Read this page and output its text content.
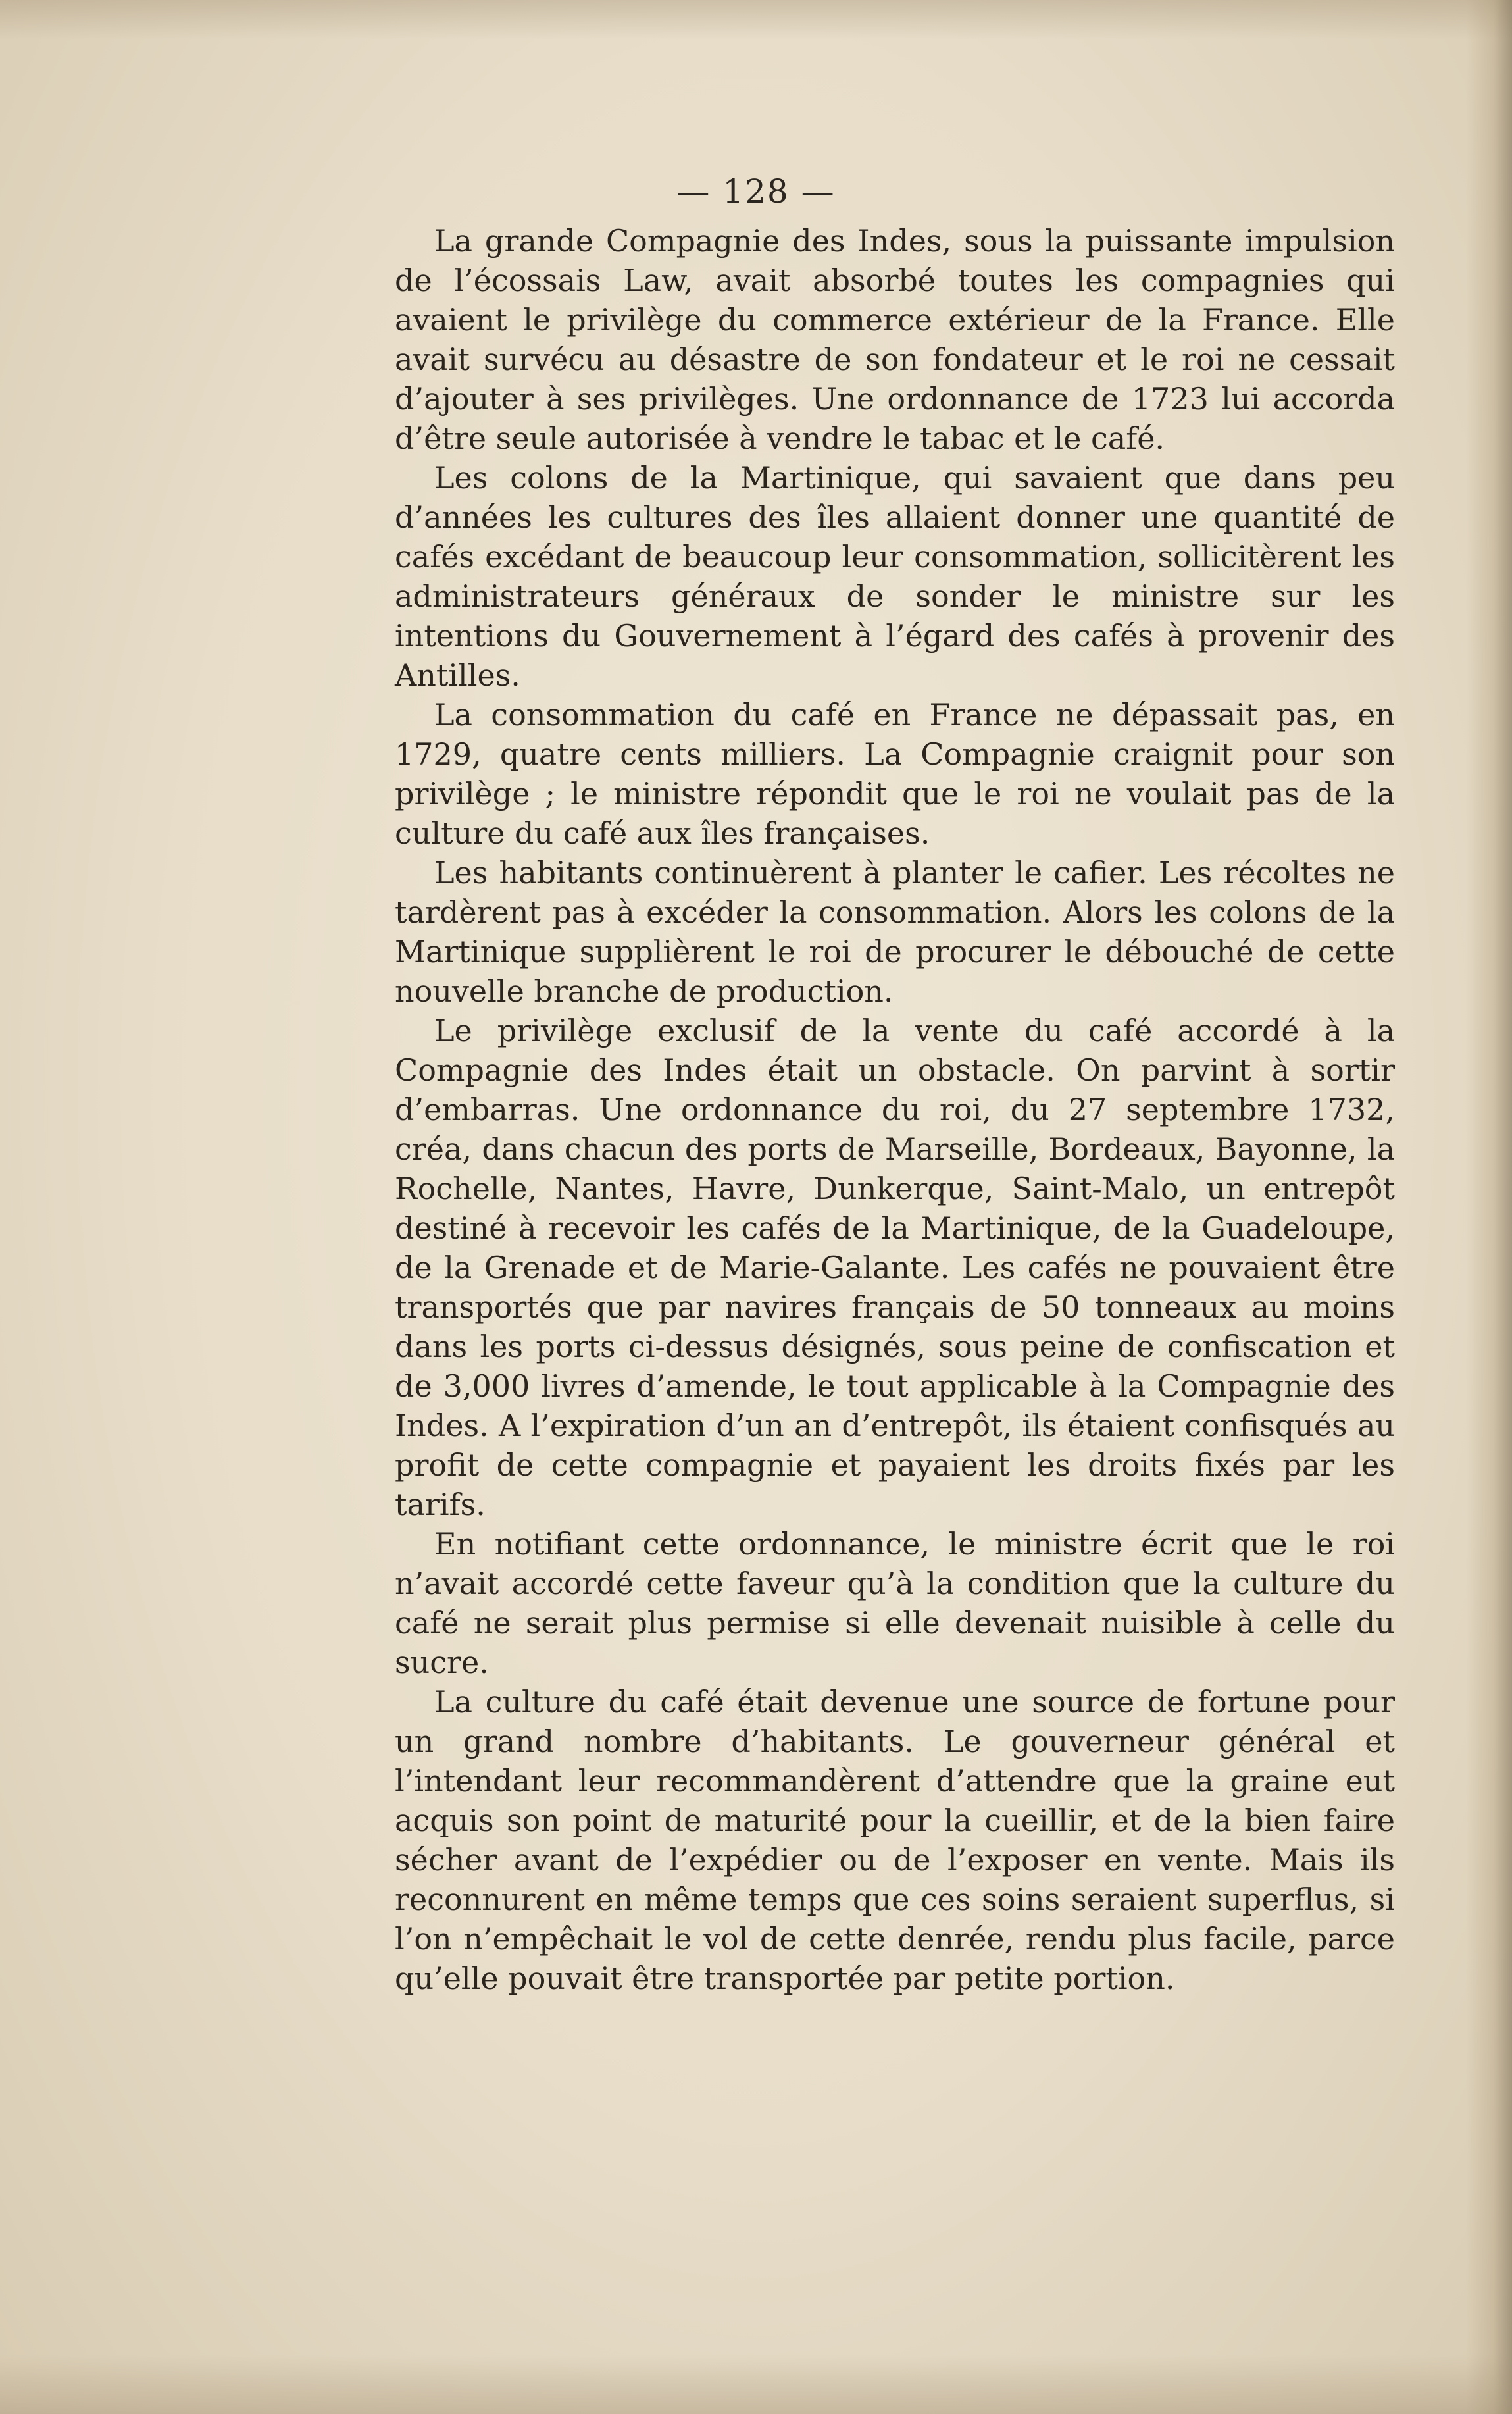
— 128 —

La grande Compagnie des Indes, sous la puissante impulsion de l’écossais Law, avait absorbé toutes les compagnies qui avaient le privilège du commerce extérieur de la France. Elle avait survécu au désastre de son fondateur et le roi ne cessait d’ajouter à ses privilèges. Une ordonnance de 1723 lui accorda d’être seule autorisée à vendre le tabac et le café.

Les colons de la Martinique, qui savaient que dans peu d’années les cultures des îles allaient donner une quantité de cafés excédant de beaucoup leur consommation, sollicitèrent les administrateurs généraux de sonder le ministre sur les intentions du Gouvernement à l’égard des cafés à provenir des Antilles.

La consommation du café en France ne dépassait pas, en 1729, quatre cents milliers. La Compagnie craignit pour son privilège ; le ministre répondit que le roi ne voulait pas de la culture du café aux îles françaises.

Les habitants continuèrent à planter le cafier. Les récoltes ne tardèrent pas à excéder la consommation. Alors les colons de la Martinique supplièrent le roi de procurer le débouché de cette nouvelle branche de production.

Le privilège exclusif de la vente du café accordé à la Compagnie des Indes était un obstacle. On parvint à sortir d’embarras. Une ordonnance du roi, du 27 septembre 1732, créa, dans chacun des ports de Marseille, Bordeaux, Bayonne, la Rochelle, Nantes, Havre, Dunkerque, Saint-Malo, un entrepôt destiné à recevoir les cafés de la Martinique, de la Guadeloupe, de la Grenade et de Marie-Galante. Les cafés ne pouvaient être transportés que par navires français de 50 tonneaux au moins dans les ports ci-dessus désignés, sous peine de confiscation et de 3,000 livres d’amende, le tout applicable à la Compagnie des Indes. A l’expiration d’un an d’entrepôt, ils étaient confisqués au profit de cette compagnie et payaient les droits fixés par les tarifs.

En notifiant cette ordonnance, le ministre écrit que le roi n’avait accordé cette faveur qu’à la condition que la culture du café ne serait plus permise si elle devenait nuisible à celle du sucre.

La culture du café était devenue une source de fortune pour un grand nombre d’habitants. Le gouverneur général et l’intendant leur recommandèrent d’attendre que la graine eut acquis son point de maturité pour la cueillir, et de la bien faire sécher avant de l’expédier ou de l’exposer en vente. Mais ils reconnurent en même temps que ces soins seraient superflus, si l’on n’empêchait le vol de cette denrée, rendu plus facile, parce qu’elle pouvait être transportée par petite portion.
